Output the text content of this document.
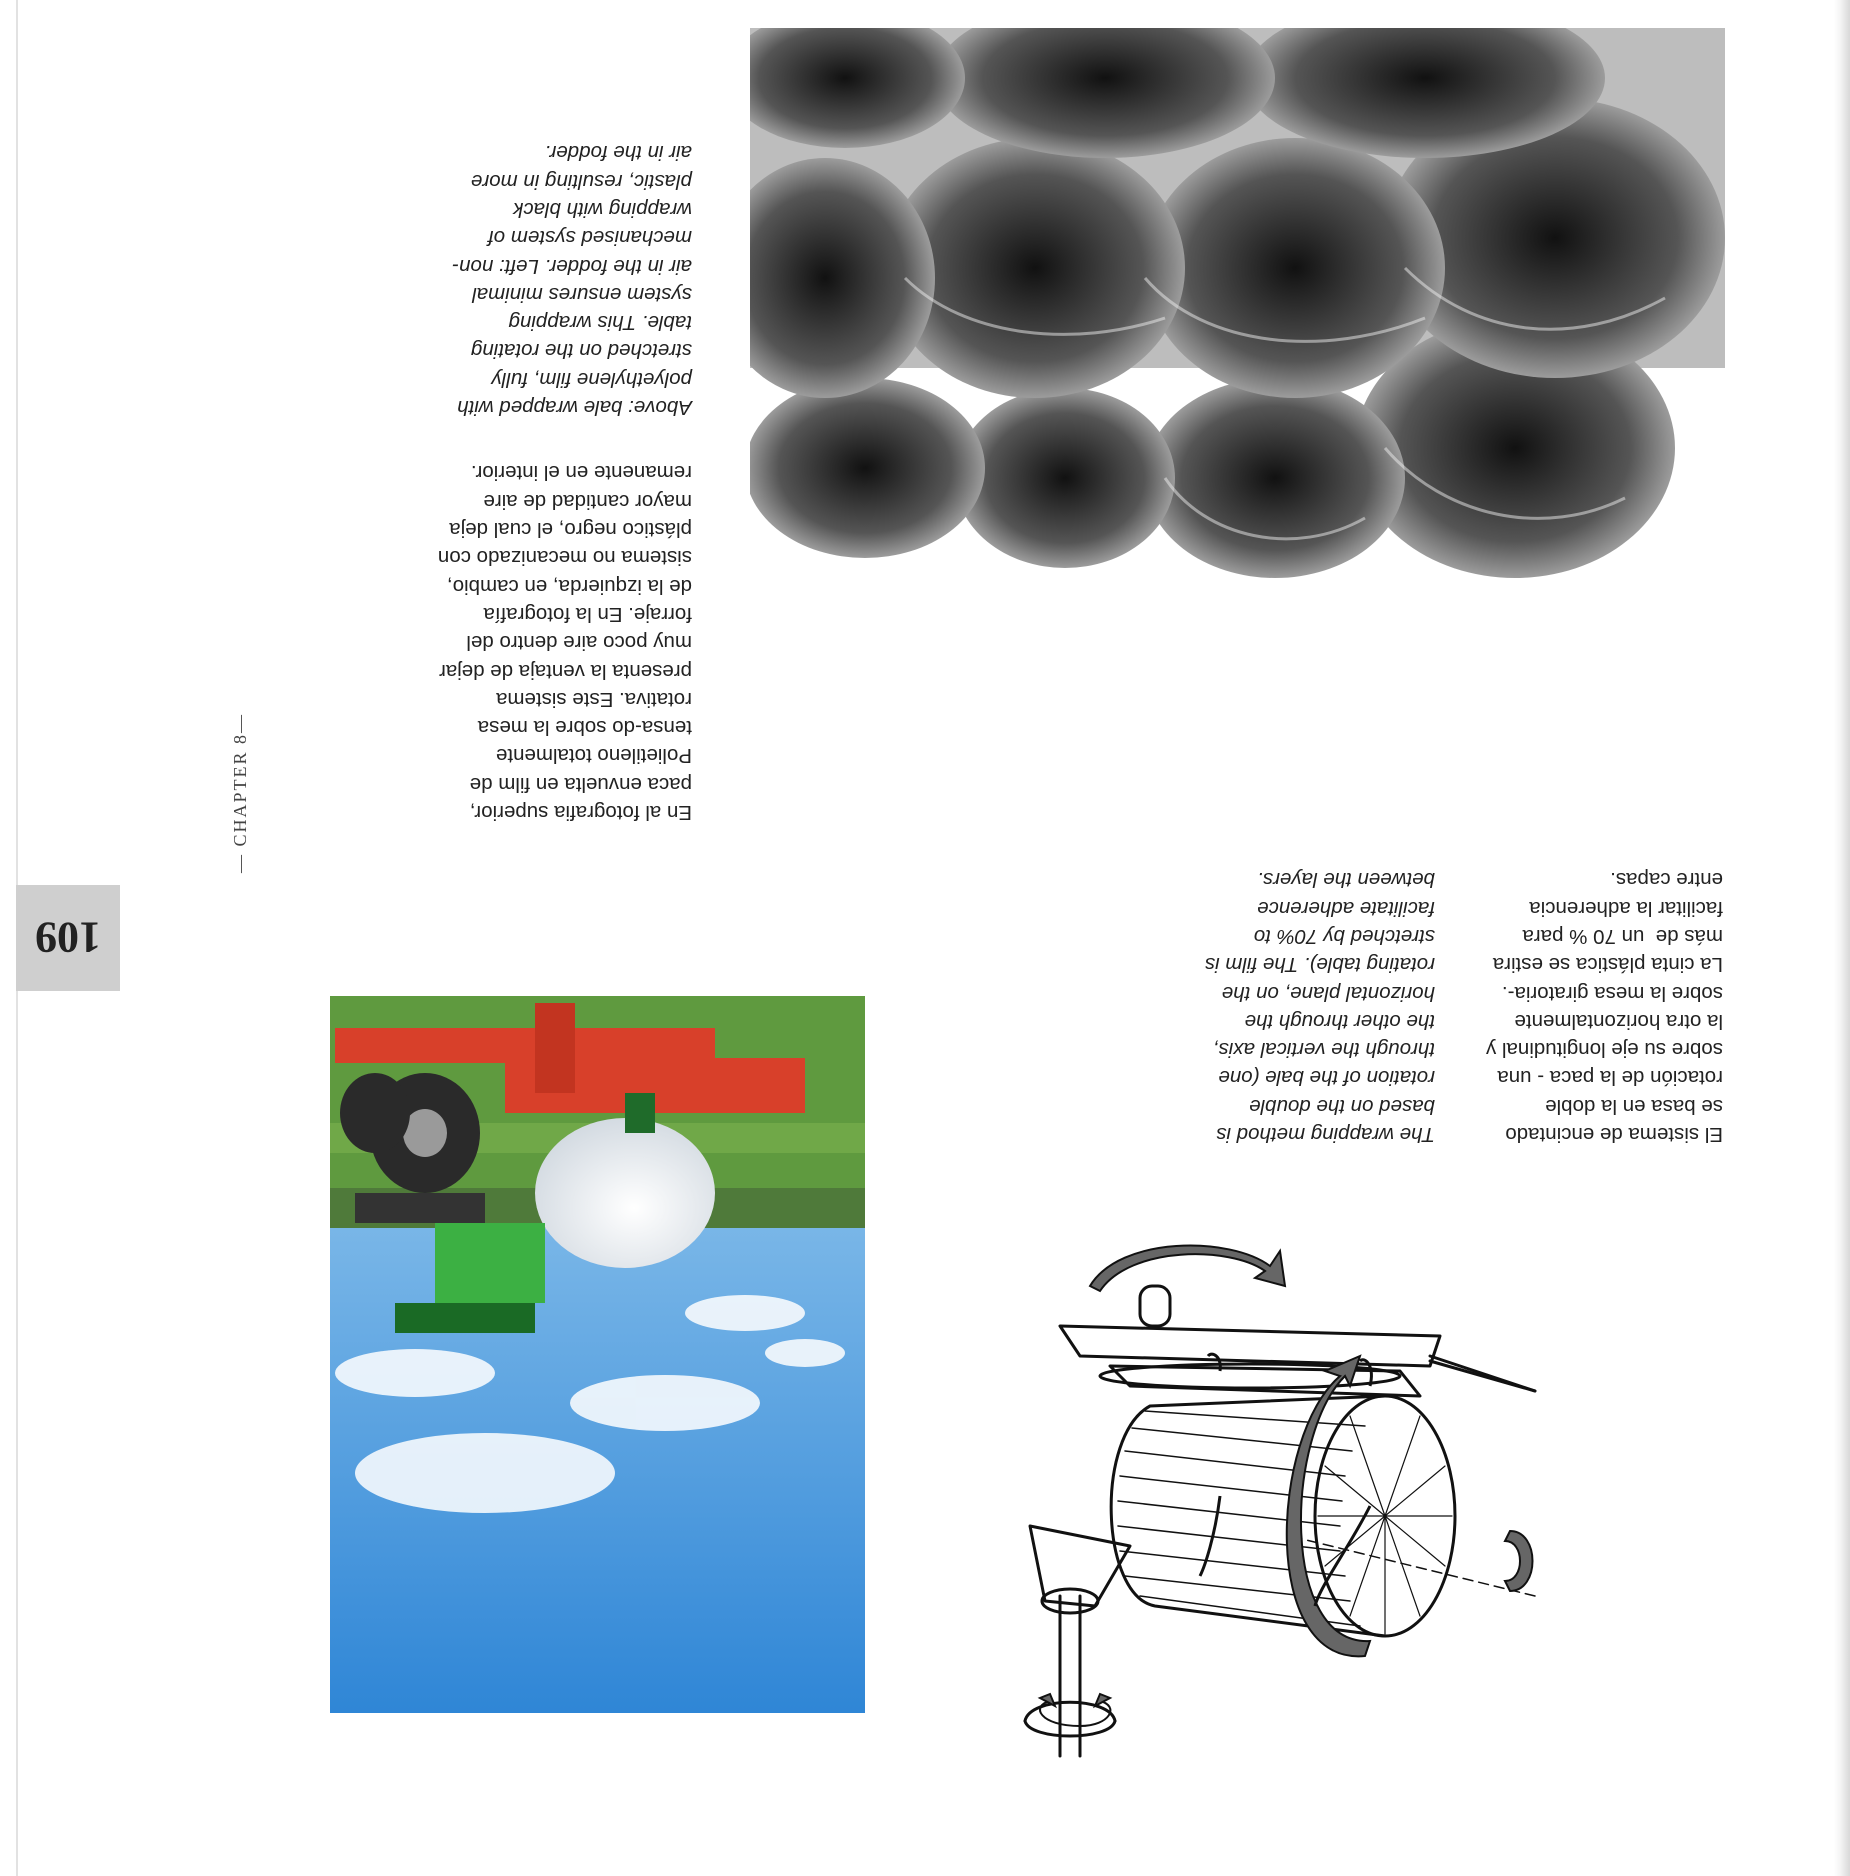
El sistema de encintado
se basa en la doble
rotación de la paca - una
sobre su eje longitudinal y
la otra horizontalmente
sobre la mesa giratoria-.
La cinta plástica se estira
más de  un 70 % para
facilitar la adherencia
entre capas.
The wrapping method is
based on the double
rotation of the bale (one
through the vertical axis,
the other through the
horizontal plane, on the
rotating table). The film is
stretched by 70% to
facilitate adherence
between the layers.
En al fotografia superior,
paca envuelta en film de
Polietileno totalmente
tensa-do sobre la mesa
rotativa. Este sistema
presenta la ventaja de dejar
muy poco aire dentro del
forraje. En la fotografía
de la izquierda, en cambio,
sistema no mecanizado con
plástico negro, el cual deja
mayor cantidad de aire
remanente en el interior.
Above: bale wrapped with
polyethylene film, fully
stretched on the rotating
table. This wrapping
system ensures minimal
air in the fodder. Left: non-
mechanised system of
wrapping with black
plastic, resulting in more
air in the fodder.
109
— CHAPTER 8—
